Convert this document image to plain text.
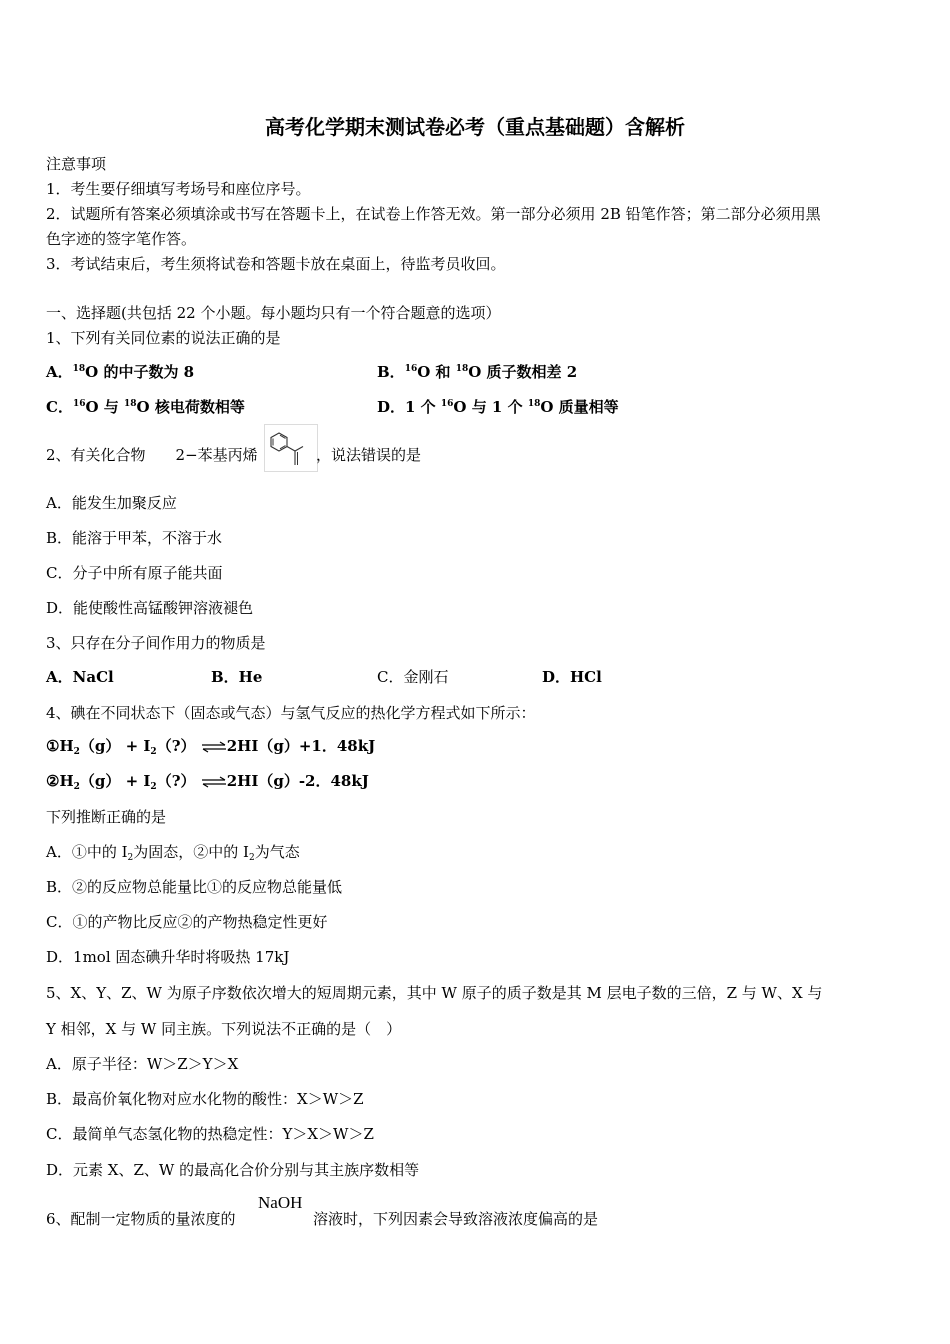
高考化学期末测试卷必考（重点基础题）含解析
注意事项
1．考生要仔细填写考场号和座位序号。
2．试题所有答案必须填涂或书写在答题卡上，在试卷上作答无效。第一部分必须用 2B 铅笔作答；第二部分必须用黑
色字迹的签字笔作答。
3．考试结束后，考生须将试卷和答题卡放在桌面上，待监考员收回。
一、选择题(共包括 22 个小题。每小题均只有一个符合题意的选项）
1、下列有关同位素的说法正确的是
A．$^{18}$O 的中子数为 8	B．$^{16}$O 和 $^{18}$O 质子数相差 2
C．$^{16}$O 与 $^{18}$O 核电荷数相等	D．1 个 $^{16}$O 与 1 个 $^{18}$O 质量相等
2、有关化合物　　2−苯基丙烯	，说法错误的是
A．能发生加聚反应
B．能溶于甲苯，不溶于水
C．分子中所有原子能共面
D．能使酸性高锰酸钾溶液褪色
3、只存在分子间作用力的物质是
A．NaCl	B．He	C．金刚石	D．HCl
4、碘在不同状态下（固态或气态）与氢气反应的热化学方程式如下所示：
$①H_2(g)$ + $I_2(?)$ ⇌2HI（g）+1．48kJ
$②H_2(g)$ + $I_2(?)$ ⇌2HI（g）-2．48kJ
下列推断正确的是
A．①中的 $I_2$为固态，②中的 $I_2$为气态
B．②的反应物总能量比①的反应物总能量低
C．①的产物比反应②的产物热稳定性更好
D．1mol 固态碘升华时将吸热 17kJ
5、X、Y、Z、W 为原子序数依次增大的短周期元素，其中 W 原子的质子数是其 M 层电子数的三倍，Z 与 W、X 与
Y 相邻，X 与 W 同主族。下列说法不正确的是（　）
A．原子半径：W＞Z＞Y＞X
B．最高价氧化物对应水化物的酸性：X＞W＞Z
C．最简单气态氢化物的热稳定性：Y＞X＞W＞Z
D．元素 X、Z、W 的最高化合价分别与其主族序数相等
6、配制一定物质的量浓度的
NaOH
溶液时，下列因素会导致溶液浓度偏高的是
